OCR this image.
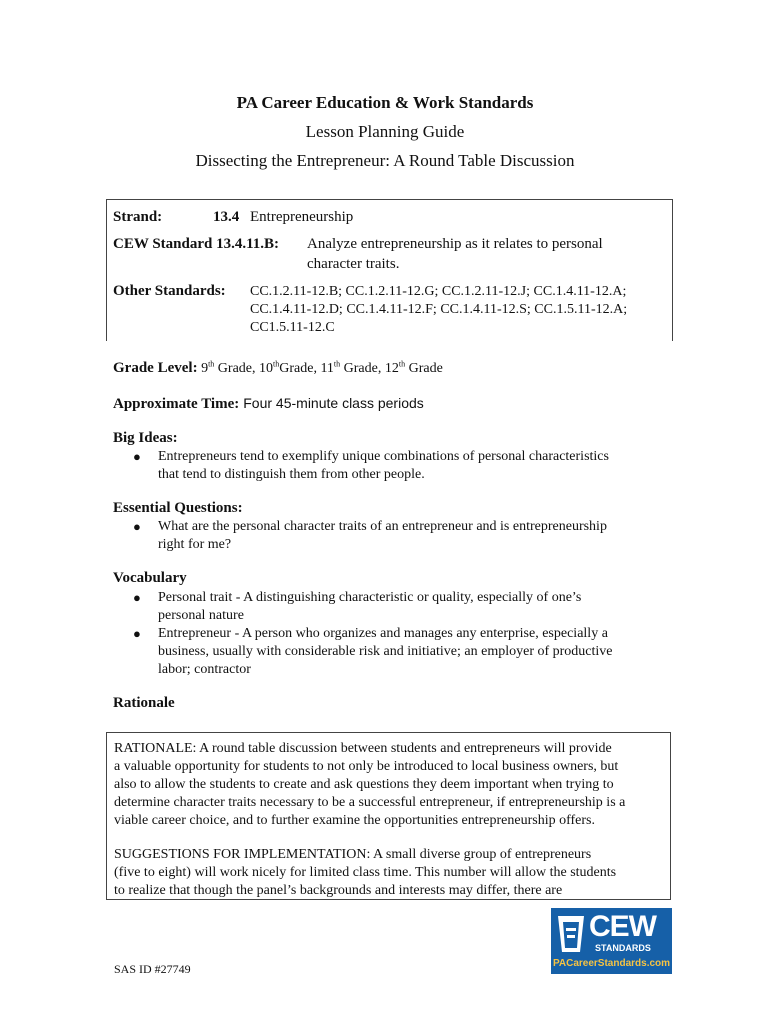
PA Career Education & Work Standards
Lesson Planning Guide
Dissecting the Entrepreneur: A Round Table Discussion
Strand:	13.4 Entrepreneurship
CEW Standard 13.4.11.B: Analyze entrepreneurship as it relates to personal
character traits.
Other Standards: CC.1.2.11-12.B; CC.1.2.11-12.G; CC.1.2.11-12.J; CC.1.4.11-12.A;
CC.1.4.11-12.D; CC.1.4.11-12.F; CC.1.4.11-12.S; CC.1.5.11-12.A;
CC1.5.11-12.C
Grade Level: 9th Grade, 10thGrade, 11th Grade, 12th Grade
Approximate Time: Four 45-minute class periods
Big Ideas:
● Entrepreneurs tend to exemplify unique combinations of personal characteristics
that tend to distinguish them from other people.
Essential Questions:
● What are the personal character traits of an entrepreneur and is entrepreneurship
right for me?
Vocabulary
● Personal trait - A distinguishing characteristic or quality, especially of one’s
personal nature
● Entrepreneur - A person who organizes and manages any enterprise, especially a
business, usually with considerable risk and initiative; an employer of productive
labor; contractor
Rationale

RATIONALE: A round table discussion between students and entrepreneurs will provide
a valuable opportunity for students to not only be introduced to local business owners, but
also to allow the students to create and ask questions they deem important when trying to
determine character traits necessary to be a successful entrepreneur, if entrepreneurship is a
viable career choice, and to further examine the opportunities entrepreneurship offers.

SUGGESTIONS FOR IMPLEMENTATION: A small diverse group of entrepreneurs
(five to eight) will work nicely for limited class time. This number will allow the students
to realize that though the panel’s backgrounds and interests may differ, there are

CEW
STANDARDS
PACareerStandards.com
SAS ID #27749
